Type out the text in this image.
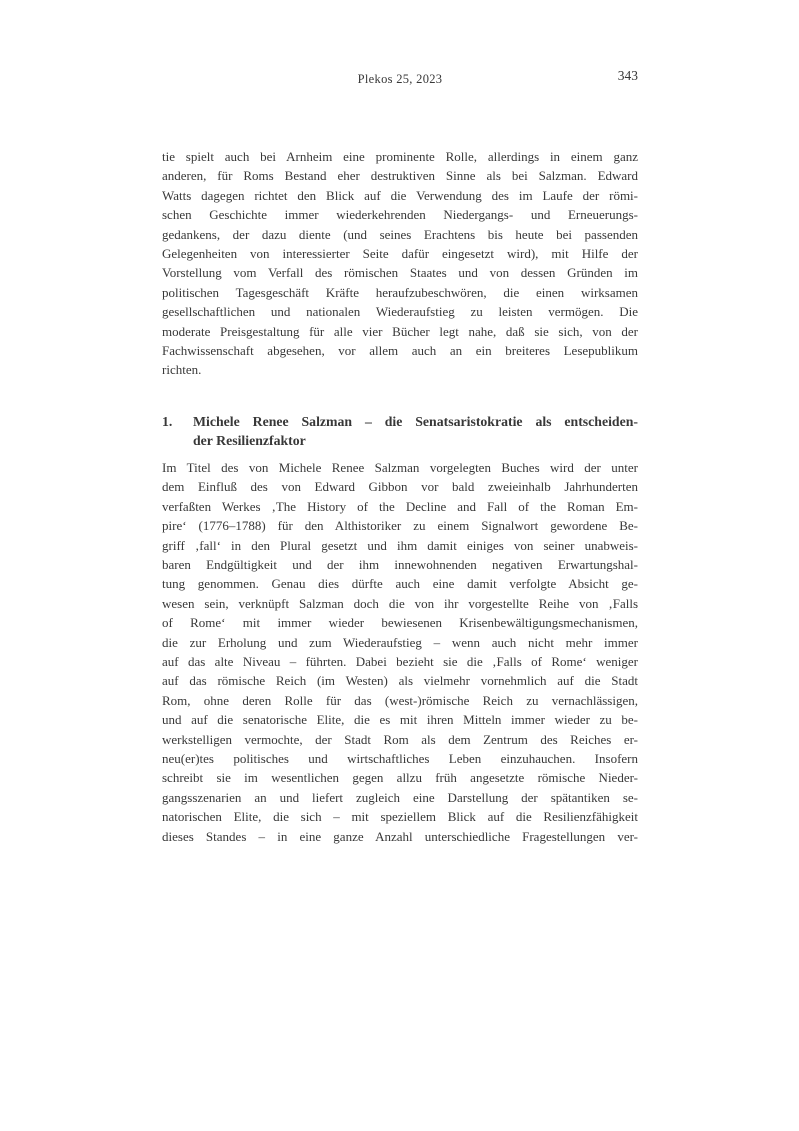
Plekos 25, 2023	343
tie spielt auch bei Arnheim eine prominente Rolle, allerdings in einem ganz
anderen, für Roms Bestand eher destruktiven Sinne als bei Salzman. Edward
Watts dagegen richtet den Blick auf die Verwendung des im Laufe der römi-
schen Geschichte immer wiederkehrenden Niedergangs- und Erneuerungs-
gedankens, der dazu diente (und seines Erachtens bis heute bei passenden
Gelegenheiten von interessierter Seite dafür eingesetzt wird), mit Hilfe der
Vorstellung vom Verfall des römischen Staates und von dessen Gründen im
politischen Tagesgeschäft Kräfte heraufzubeschwören, die einen wirksamen
gesellschaftlichen und nationalen Wiederaufstieg zu leisten vermögen. Die
moderate Preisgestaltung für alle vier Bücher legt nahe, daß sie sich, von der
Fachwissenschaft abgesehen, vor allem auch an ein breiteres Lesepublikum
richten.
1. Michele Renee Salzman – die Senatsaristokratie als entscheiden-
der Resilienzfaktor
Im Titel des von Michele Renee Salzman vorgelegten Buches wird der unter
dem Einfluß des von Edward Gibbon vor bald zweieinhalb Jahrhunderten
verfaßten Werkes ‚The History of the Decline and Fall of the Roman Em-
pire‘ (1776–1788) für den Althistoriker zu einem Signalwort gewordene Be-
griff ‚fall‘ in den Plural gesetzt und ihm damit einiges von seiner unabweis-
baren Endgültigkeit und der ihm innewohnenden negativen Erwartungshal-
tung genommen. Genau dies dürfte auch eine damit verfolgte Absicht ge-
wesen sein, verknüpft Salzman doch die von ihr vorgestellte Reihe von ‚Falls
of Rome‘ mit immer wieder bewiesenen Krisenbewältigungsmechanismen,
die zur Erholung und zum Wiederaufstieg – wenn auch nicht mehr immer
auf das alte Niveau – führten. Dabei bezieht sie die ‚Falls of Rome‘ weniger
auf das römische Reich (im Westen) als vielmehr vornehmlich auf die Stadt
Rom, ohne deren Rolle für das (west-)römische Reich zu vernachlässigen,
und auf die senatorische Elite, die es mit ihren Mitteln immer wieder zu be-
werkstelligen vermochte, der Stadt Rom als dem Zentrum des Reiches er-
neu(er)tes politisches und wirtschaftliches Leben einzuhauchen. Insofern
schreibt sie im wesentlichen gegen allzu früh angesetzte römische Nieder-
gangsszenarien an und liefert zugleich eine Darstellung der spätantiken se-
natorischen Elite, die sich – mit speziellem Blick auf die Resilienzfähigkeit
dieses Standes – in eine ganze Anzahl unterschiedliche Fragestellungen ver-
